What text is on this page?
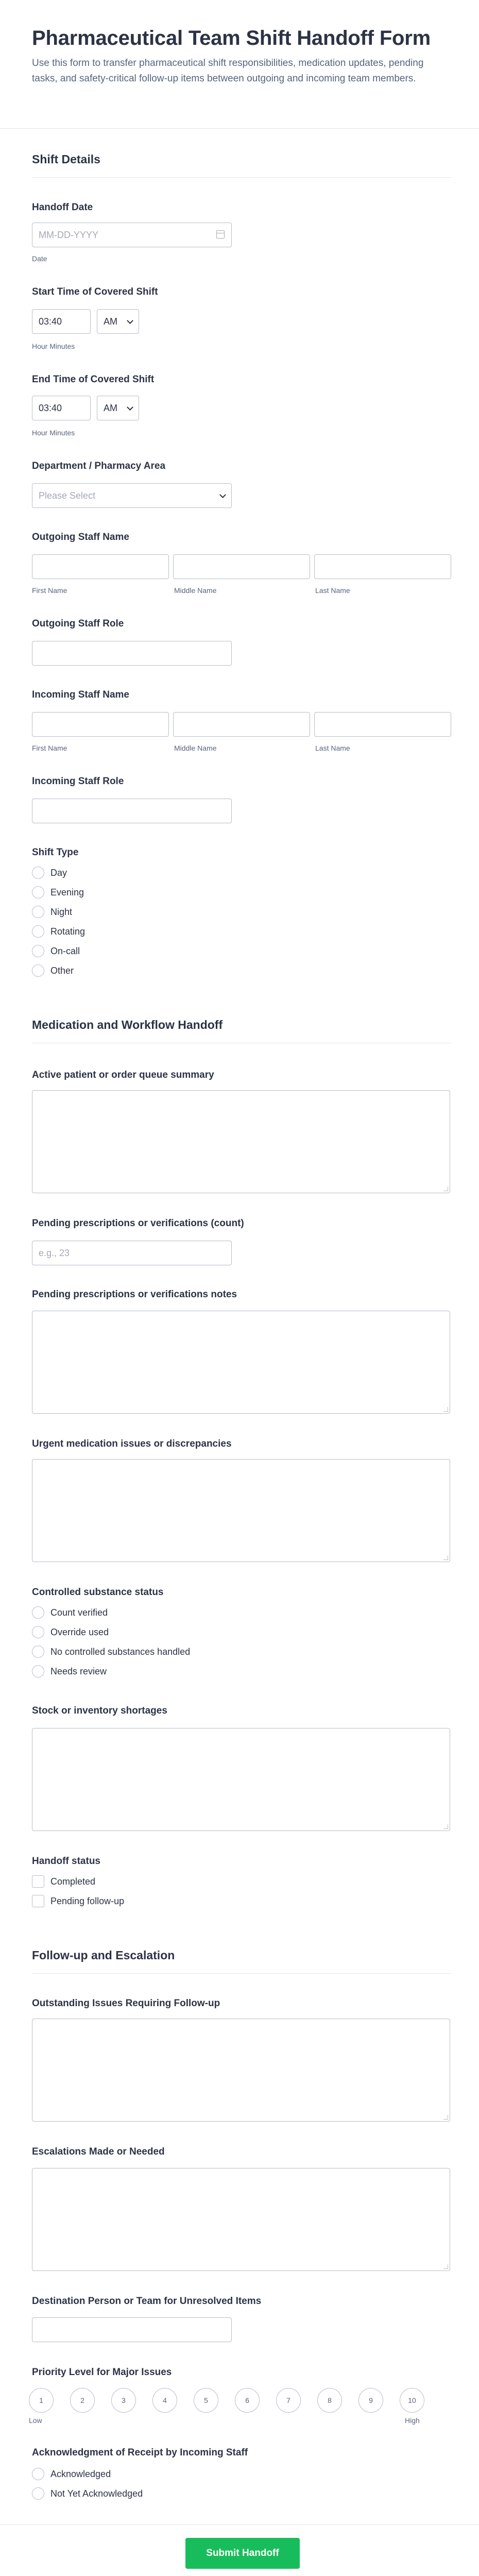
Pharmaceutical Team Shift Handoff Form

Use this form to transfer pharmaceutical shift responsibilities, medication updates, pending tasks, and safety-critical follow-up items between outgoing and incoming team members.

Shift Details
Handoff Date
MM-DD-YYYY
Date
Start Time of Covered Shift
03:40	AM
Hour Minutes
End Time of Covered Shift
03:40	AM
Hour Minutes
Department / Pharmacy Area
Please Select
Outgoing Staff Name
First Name	Middle Name	Last Name
Outgoing Staff Role
Incoming Staff Name
First Name	Middle Name	Last Name
Incoming Staff Role
Shift Type
Day
Evening
Night
Rotating
On-call
Other
Medication and Workflow Handoff
Active patient or order queue summary
Pending prescriptions or verifications (count)
e.g., 23
Pending prescriptions or verifications notes
Urgent medication issues or discrepancies
Controlled substance status
Count verified
Override used
No controlled substances handled
Needs review
Stock or inventory shortages
Handoff status
Completed
Pending follow-up
Follow-up and Escalation
Outstanding Issues Requiring Follow-up
Escalations Made or Needed
Destination Person or Team for Unresolved Items
Priority Level for Major Issues
1	2	3	4	5	6	7	8	9	10
Low	High
Acknowledgment of Receipt by Incoming Staff
Acknowledged
Not Yet Acknowledged
Submit Handoff
